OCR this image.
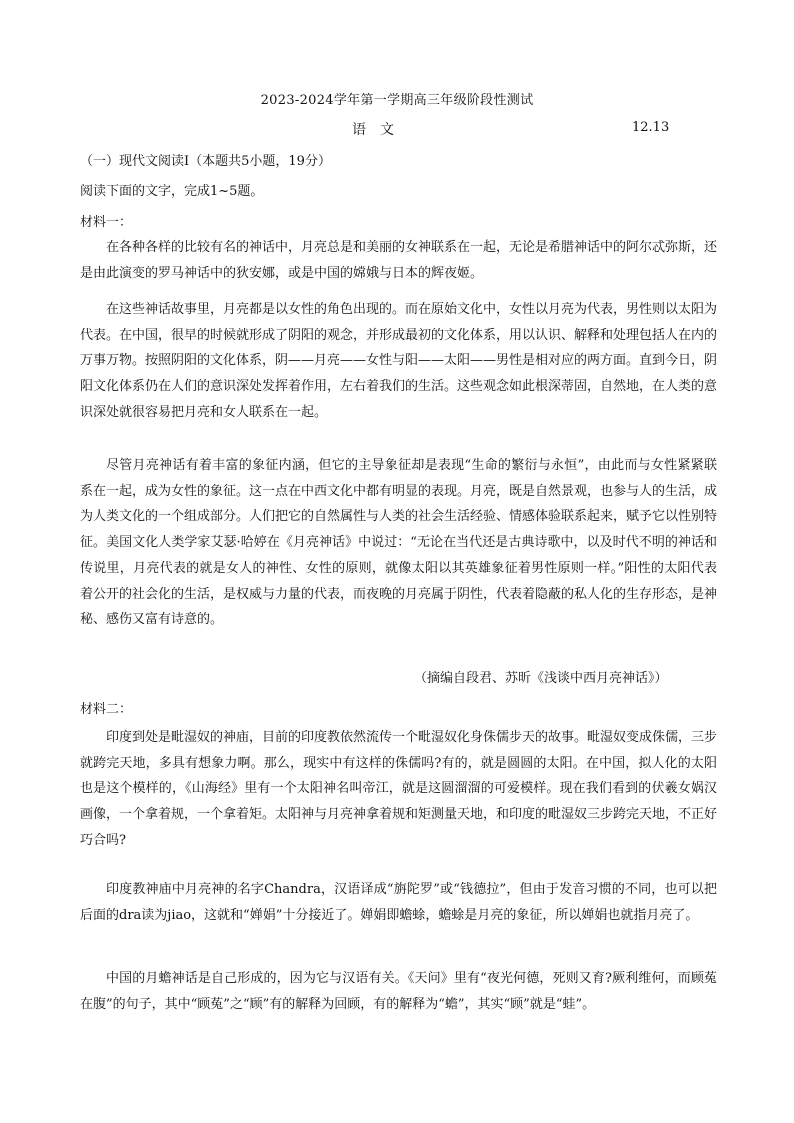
2023-2024学年第一学期高三年级阶段性测试
语　文	12.13
（一）现代文阅读Ⅰ（本题共5小题，19分）
阅读下面的文字，完成1~5题。
材料一：

在各种各样的比较有名的神话中，月亮总是和美丽的女神联系在一起，无论是希腊神话中的阿尔忒弥斯，还是由此演变的罗马神话中的狄安娜，或是中国的嫦娥与日本的辉夜姬。

在这些神话故事里，月亮都是以女性的角色出现的。而在原始文化中，女性以月亮为代表，男性则以太阳为代表。在中国，很早的时候就形成了阴阳的观念，并形成最初的文化体系，用以认识、解释和处理包括人在内的万事万物。按照阴阳的文化体系，阴——月亮——女性与阳——太阳——男性是相对应的两方面。直到今日，阴阳文化体系仍在人们的意识深处发挥着作用，左右着我们的生活。这些观念如此根深蒂固，自然地，在人类的意识深处就很容易把月亮和女人联系在一起。

尽管月亮神话有着丰富的象征内涵，但它的主导象征却是表现“生命的繁衍与永恒”，由此而与女性紧紧联系在一起，成为女性的象征。这一点在中西文化中都有明显的表现。月亮，既是自然景观，也参与人的生活，成为人类文化的一个组成部分。人们把它的自然属性与人类的社会生活经验、情感体验联系起来，赋予它以性别特征。美国文化人类学家艾瑟·哈婷在《月亮神话》中说过：“无论在当代还是古典诗歌中，以及时代不明的神话和传说里，月亮代表的就是女人的神性、女性的原则，就像太阳以其英雄象征着男性原则一样。”阳性的太阳代表着公开的社会化的生活，是权威与力量的代表，而夜晚的月亮属于阴性，代表着隐蔽的私人化的生存形态，是神秘、感伤又富有诗意的。

（摘编自段君、苏昕《浅谈中西月亮神话》）
材料二：

印度到处是毗湿奴的神庙，目前的印度教依然流传一个毗湿奴化身侏儒步天的故事。毗湿奴变成侏儒，三步就跨完天地，多具有想象力啊。那么，现实中有这样的侏儒吗?有的，就是圆圆的太阳。在中国，拟人化的太阳也是这个模样的，《山海经》里有一个太阳神名叫帝江，就是这圆溜溜的可爱模样。现在我们看到的伏羲女娲汉画像，一个拿着规，一个拿着矩。太阳神与月亮神拿着规和矩测量天地，和印度的毗湿奴三步跨完天地，不正好巧合吗?

印度教神庙中月亮神的名字Chandra，汉语译成“旃陀罗”或“钱德拉”，但由于发音习惯的不同，也可以把后面的dra读为jiao，这就和“婵娟”十分接近了。婵娟即蟾蜍，蟾蜍是月亮的象征，所以婵娟也就指月亮了。

中国的月蟾神话是自己形成的，因为它与汉语有关。《天问》里有“夜光何德，死则又育?厥利维何，而顾菟在腹”的句子，其中“顾菟”之“顾”有的解释为回顾，有的解释为“蟾”，其实“顾”就是“蛙”。
